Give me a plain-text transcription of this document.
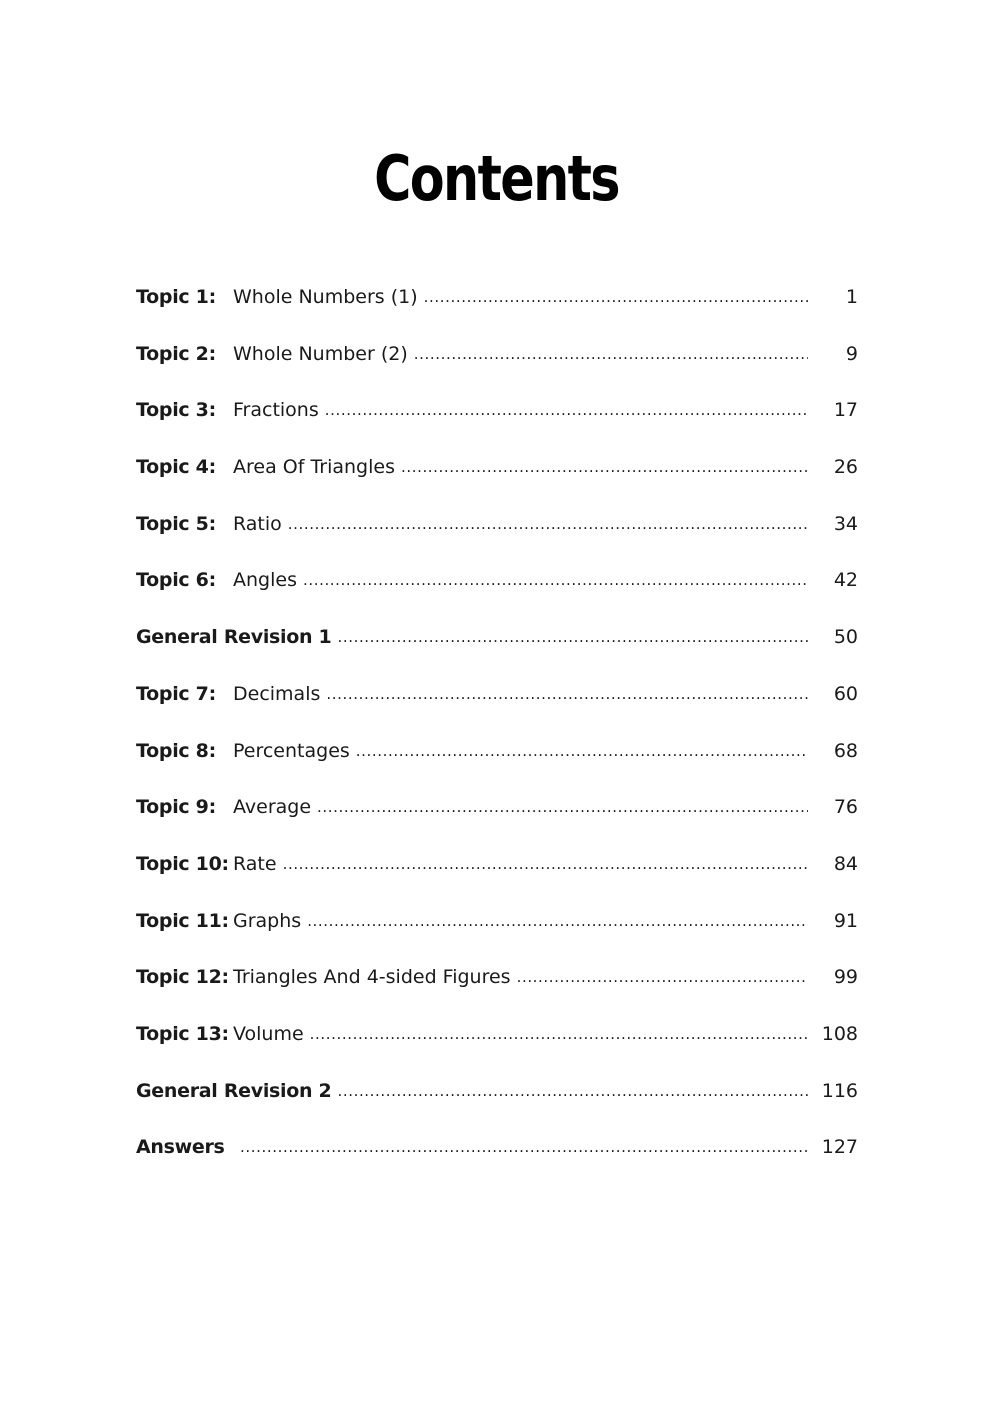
Contents
Topic 1: Whole Numbers (1) .....	1
Topic 2: Whole Number (2) .....	9
Topic 3: Fractions .....	17
Topic 4: Area Of Triangles .....	26
Topic 5: Ratio .....	34
Topic 6: Angles .....	42
General Revision 1 .....	50
Topic 7: Decimals .....	60
Topic 8: Percentages .....	68
Topic 9: Average .....	76
Topic 10: Rate .....	84
Topic 11: Graphs .....	91
Topic 12: Triangles And 4-sided Figures .....	99
Topic 13: Volume .....	108
General Revision 2 .....	116
Answers .....	127
